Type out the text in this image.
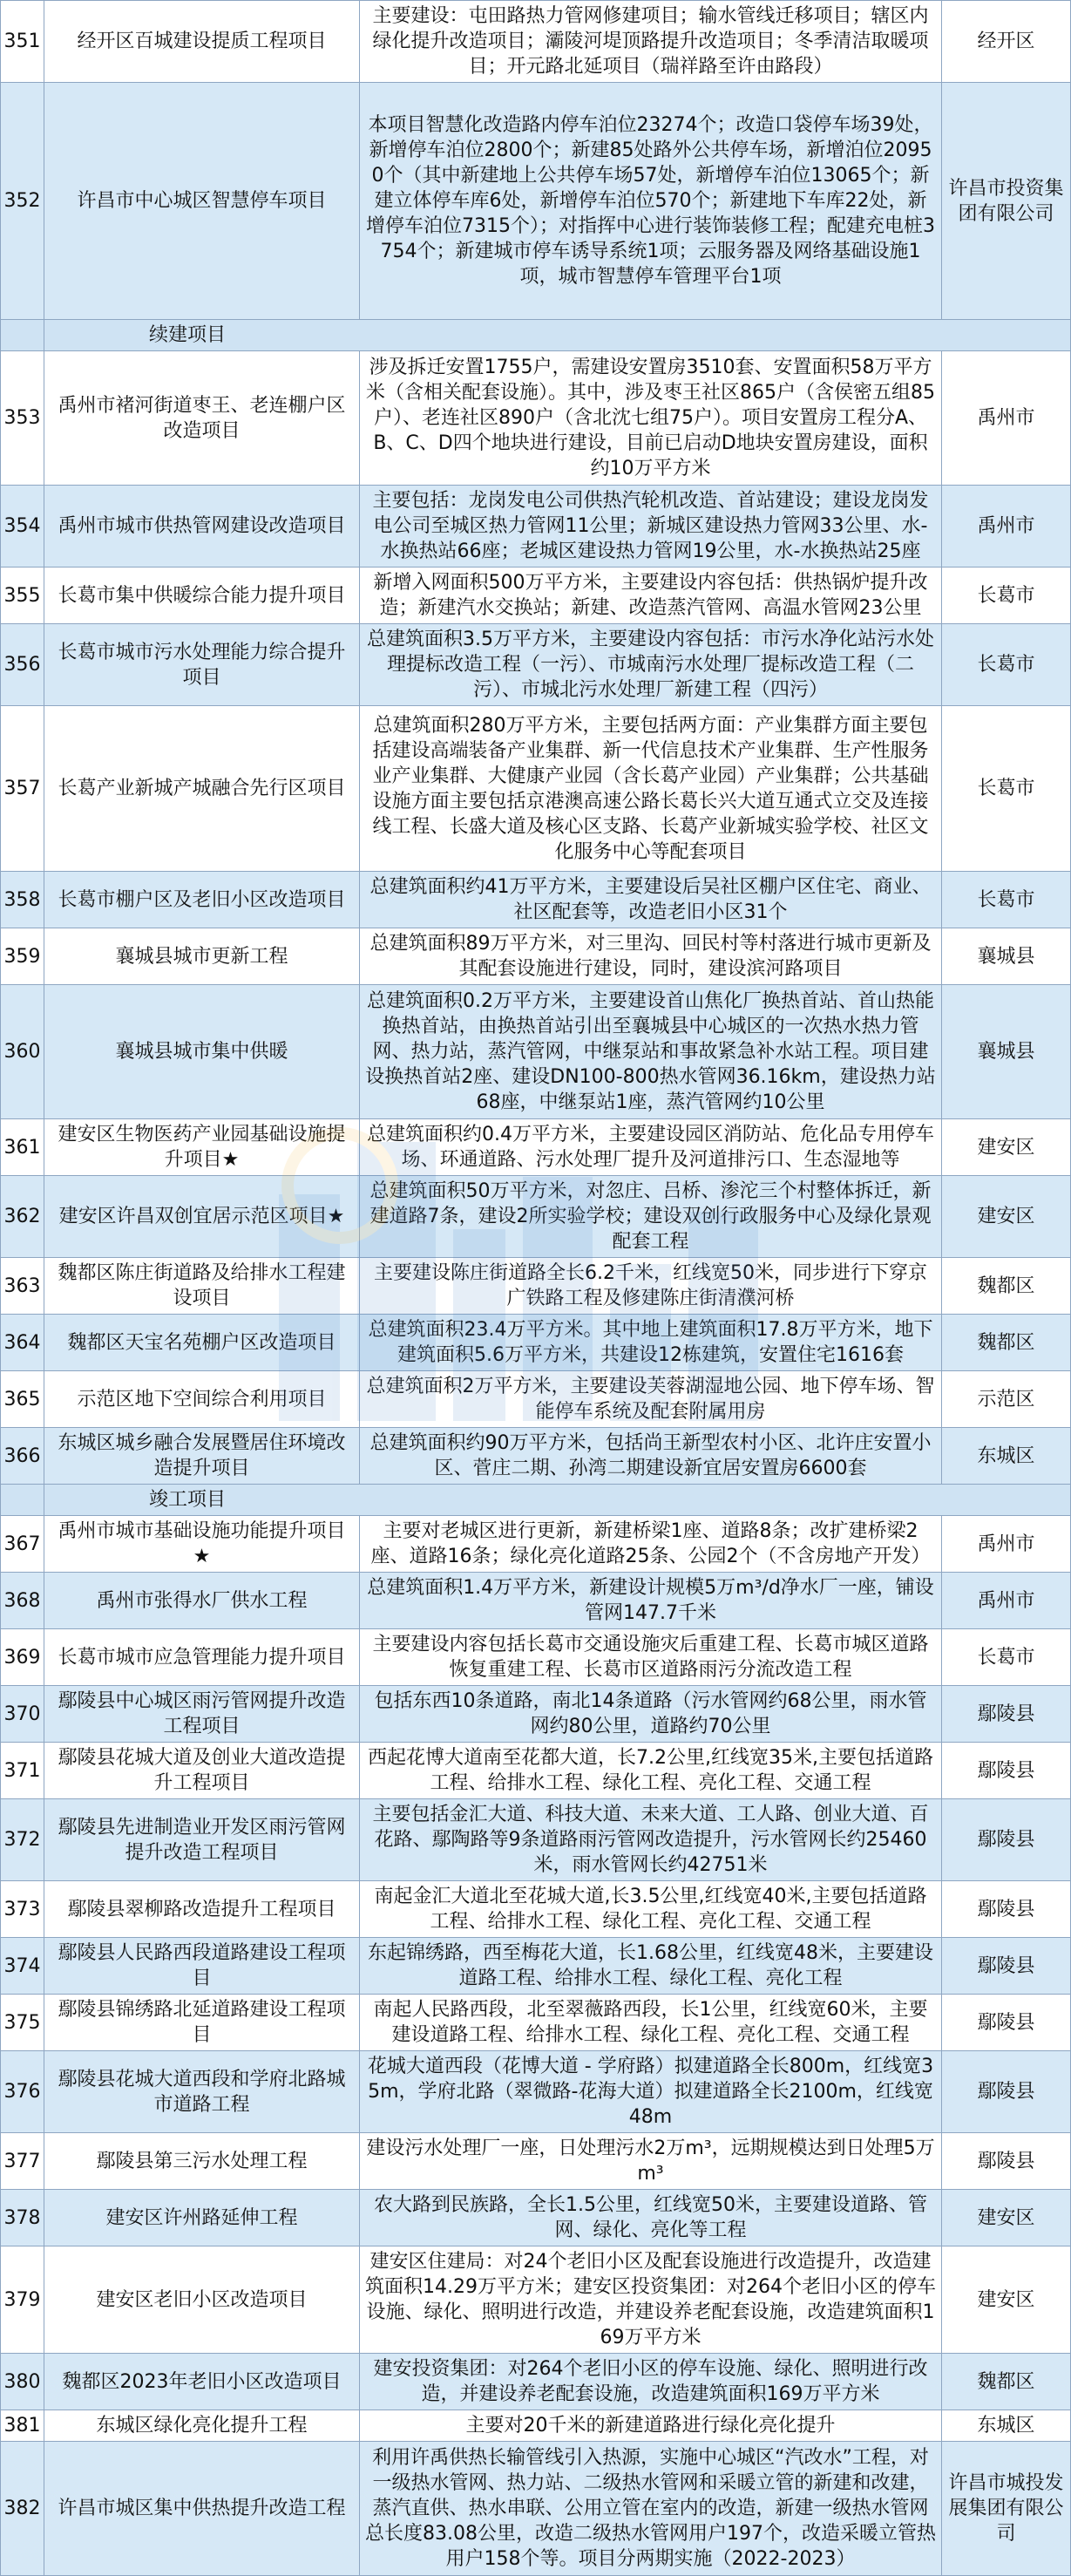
351	经开区百城建设提质工程项目	主要建设：屯田路热力管网修建项目；输水管线迁移项目；辖区内绿化提升改造项目；灞陵河堤顶路提升改造项目；冬季清洁取暖项目；开元路北延项目（瑞祥路至许由路段）	经开区
352	许昌市中心城区智慧停车项目	本项目智慧化改造路内停车泊位23274个；改造口袋停车场39处，新增停车泊位2800个；新建85处路外公共停车场，新增泊位20950个（其中新建地上公共停车场57处，新增停车泊位13065个；新建立体停车库6处，新增停车泊位570个；新建地下车库22处，新增停车泊位7315个）；对指挥中心进行装饰装修工程；配建充电桩3754个；新建城市停车诱导系统1项；云服务器及网络基础设施1项，城市智慧停车管理平台1项	许昌市投资集团有限公司
	续建项目		
353	禹州市褚河街道枣王、老连棚户区改造项目	涉及拆迁安置1755户，需建设安置房3510套、安置面积58万平方米（含相关配套设施）。其中，涉及枣王社区865户（含侯密五组85户）、老连社区890户（含北沈七组75户）。项目安置房工程分A、B、C、D四个地块进行建设，目前已启动D地块安置房建设，面积约10万平方米	禹州市
354	禹州市城市供热管网建设改造项目	主要包括：龙岗发电公司供热汽轮机改造、首站建设；建设龙岗发电公司至城区热力管网11公里；新城区建设热力管网33公里、水-水换热站66座；老城区建设热力管网19公里，水-水换热站25座	禹州市
355	长葛市集中供暖综合能力提升项目	新增入网面积500万平方米，主要建设内容包括：供热锅炉提升改造；新建汽水交换站；新建、改造蒸汽管网、高温水管网23公里	长葛市
356	长葛市城市污水处理能力综合提升项目	总建筑面积3.5万平方米，主要建设内容包括：市污水净化站污水处理提标改造工程（一污）、市城南污水处理厂提标改造工程（二污）、市城北污水处理厂新建工程（四污）	长葛市
357	长葛产业新城产城融合先行区项目	总建筑面积280万平方米，主要包括两方面：产业集群方面主要包括建设高端装备产业集群、新一代信息技术产业集群、生产性服务业产业集群、大健康产业园（含长葛产业园）产业集群；公共基础设施方面主要包括京港澳高速公路长葛长兴大道互通式立交及连接线工程、长盛大道及核心区支路、长葛产业新城实验学校、社区文化服务中心等配套项目	长葛市
358	长葛市棚户区及老旧小区改造项目	总建筑面积约41万平方米，主要建设后吴社区棚户区住宅、商业、社区配套等，改造老旧小区31个	长葛市
359	襄城县城市更新工程	总建筑面积89万平方米，对三里沟、回民村等村落进行城市更新及其配套设施进行建设，同时，建设滨河路项目	襄城县
360	襄城县城市集中供暖	总建筑面积0.2万平方米，主要建设首山焦化厂换热首站、首山热能换热首站，由换热首站引出至襄城县中心城区的一次热水热力管网、热力站，蒸汽管网，中继泵站和事故紧急补水站工程。项目建设换热首站2座、建设DN100-800热水管网36.16km，建设热力站68座，中继泵站1座，蒸汽管网约10公里	襄城县
361	建安区生物医药产业园基础设施提升项目★	总建筑面积约0.4万平方米，主要建设园区消防站、危化品专用停车场、环通道路、污水处理厂提升及河道排污口、生态湿地等	建安区
362	建安区许昌双创宜居示范区项目★	总建筑面积50万平方米，对忽庄、吕桥、渗沱三个村整体拆迁，新建道路7条，建设2所实验学校；建设双创行政服务中心及绿化景观配套工程	建安区
363	魏都区陈庄街道路及给排水工程建设项目	主要建设陈庄街道路全长6.2千米，红线宽50米，同步进行下穿京广铁路工程及修建陈庄街清濮河桥	魏都区
364	魏都区天宝名苑棚户区改造项目	总建筑面积23.4万平方米。其中地上建筑面积17.8万平方米，地下建筑面积5.6万平方米，共建设12栋建筑，安置住宅1616套	魏都区
365	示范区地下空间综合利用项目	总建筑面积2万平方米，主要建设芙蓉湖湿地公园、地下停车场、智能停车系统及配套附属用房	示范区
366	东城区城乡融合发展暨居住环境改造提升项目	总建筑面积约90万平方米，包括尚王新型农村小区、北许庄安置小区、菅庄二期、孙湾二期建设新宜居安置房6600套	东城区
	竣工项目		
367	禹州市城市基础设施功能提升项目★	主要对老城区进行更新，新建桥梁1座、道路8条；改扩建桥梁2座、道路16条；绿化亮化道路25条、公园2个（不含房地产开发）	禹州市
368	禹州市张得水厂供水工程	总建筑面积1.4万平方米，新建设计规模5万m³/d净水厂一座，铺设管网147.7千米	禹州市
369	长葛市城市应急管理能力提升项目	主要建设内容包括长葛市交通设施灾后重建工程、长葛市城区道路恢复重建工程、长葛市区道路雨污分流改造工程	长葛市
370	鄢陵县中心城区雨污管网提升改造工程项目	包括东西10条道路，南北14条道路（污水管网约68公里，雨水管网约80公里，道路约70公里	鄢陵县
371	鄢陵县花城大道及创业大道改造提升工程项目	西起花博大道南至花都大道，长7.2公里,红线宽35米,主要包括道路工程、给排水工程、绿化工程、亮化工程、交通工程	鄢陵县
372	鄢陵县先进制造业开发区雨污管网提升改造工程项目	主要包括金汇大道、科技大道、未来大道、工人路、创业大道、百花路、鄢陶路等9条道路雨污管网改造提升，污水管网长约25460米，雨水管网长约42751米	鄢陵县
373	鄢陵县翠柳路改造提升工程项目	南起金汇大道北至花城大道,长3.5公里,红线宽40米,主要包括道路工程、给排水工程、绿化工程、亮化工程、交通工程	鄢陵县
374	鄢陵县人民路西段道路建设工程项目	东起锦绣路，西至梅花大道，长1.68公里，红线宽48米，主要建设道路工程、给排水工程、绿化工程、亮化工程	鄢陵县
375	鄢陵县锦绣路北延道路建设工程项目	南起人民路西段，北至翠薇路西段，长1公里，红线宽60米，主要建设道路工程、给排水工程、绿化工程、亮化工程、交通工程	鄢陵县
376	鄢陵县花城大道西段和学府北路城市道路工程	花城大道西段（花博大道 - 学府路）拟建道路全长800m，红线宽35m，学府北路（翠微路-花海大道）拟建道路全长2100m，红线宽48m	鄢陵县
377	鄢陵县第三污水处理工程	建设污水处理厂一座，日处理污水2万m³，远期规模达到日处理5万m³	鄢陵县
378	建安区许州路延伸工程	农大路到民族路，全长1.5公里，红线宽50米，主要建设道路、管网、绿化、亮化等工程	建安区
379	建安区老旧小区改造项目	建安区住建局：对24个老旧小区及配套设施进行改造提升，改造建筑面积14.29万平方米；建安区投资集团：对264个老旧小区的停车设施、绿化、照明进行改造，并建设养老配套设施，改造建筑面积169万平方米	建安区
380	魏都区2023年老旧小区改造项目	建安投资集团：对264个老旧小区的停车设施、绿化、照明进行改造，并建设养老配套设施，改造建筑面积169万平方米	魏都区
381	东城区绿化亮化提升工程	主要对20千米的新建道路进行绿化亮化提升	东城区
382	许昌市城区集中供热提升改造工程	利用许禹供热长输管线引入热源，实施中心城区“汽改水”工程，对一级热水管网、热力站、二级热水管网和采暖立管的新建和改建，蒸汽直供、热水串联、公用立管在室内的改造，新建一级热水管网总长度83.08公里，改造二级热水管网用户197个，改造采暖立管热用户158个等。项目分两期实施（2022-2023）	许昌市城投发展集团有限公司
